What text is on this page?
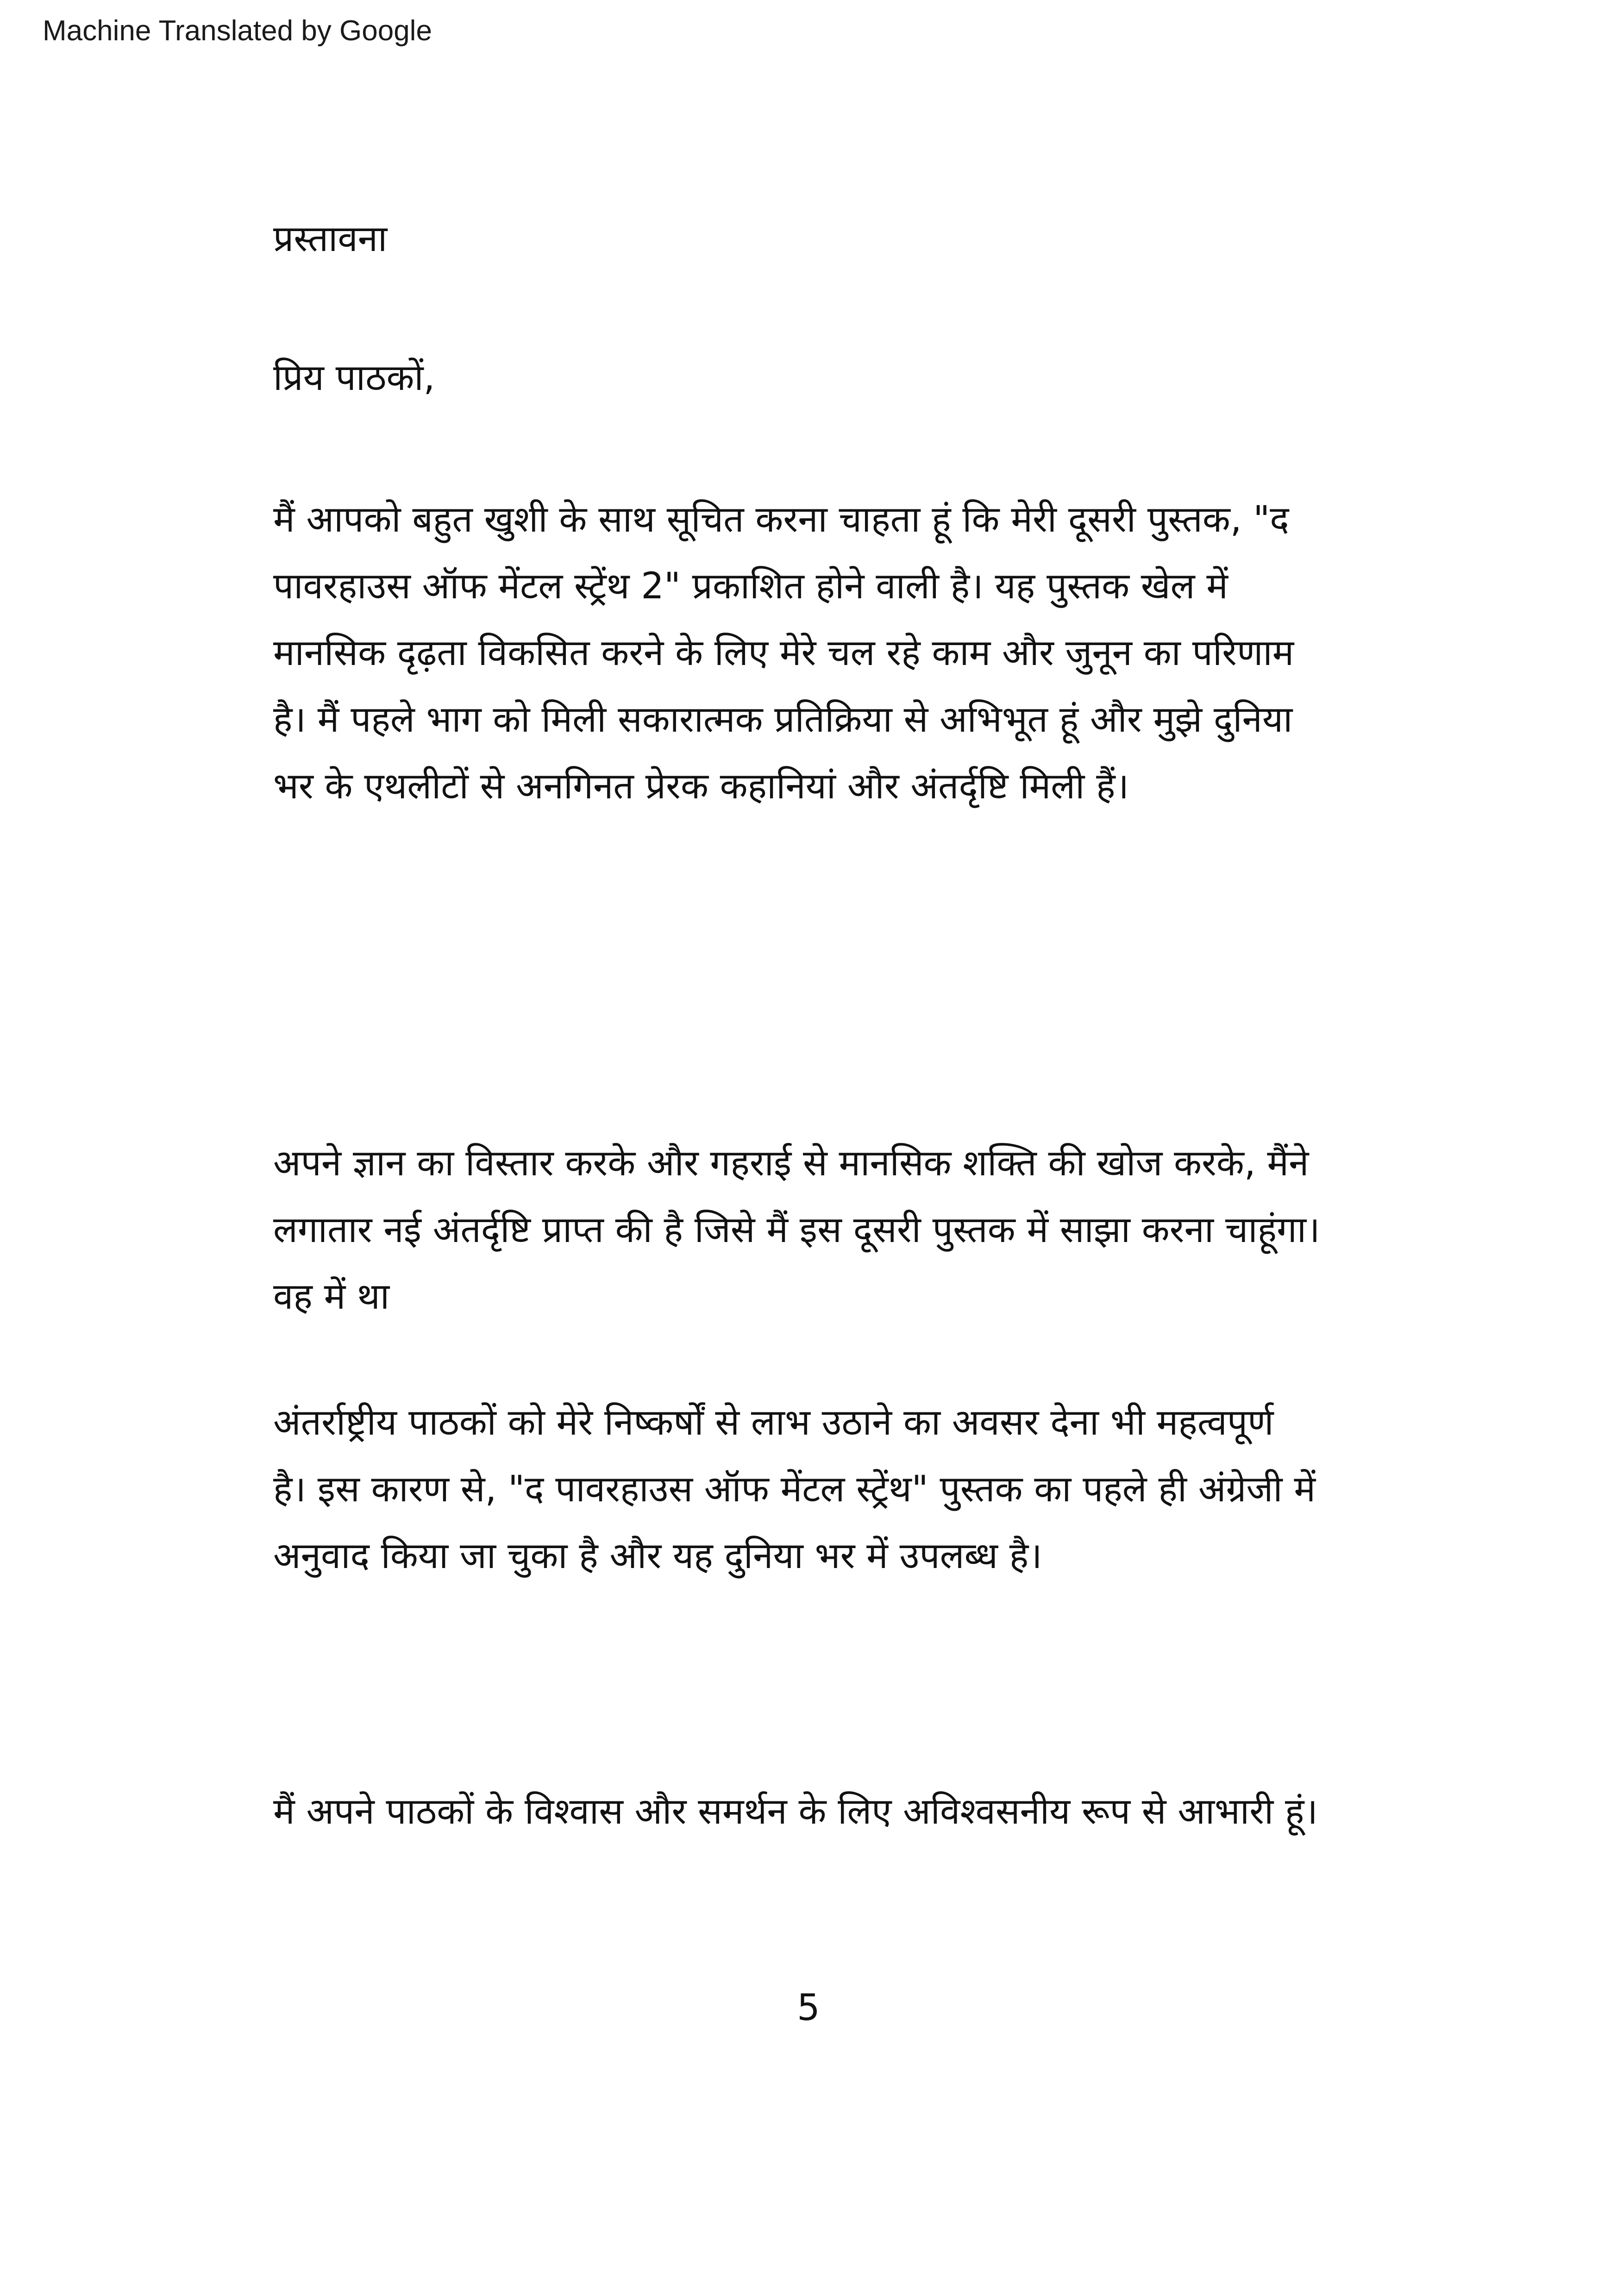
Machine Translated by Google
प्रस्तावना
प्रिय पाठकों,
मैं आपको बहुत खुशी के साथ सूचित करना चाहता हूं कि मेरी दूसरी पुस्तक, "द
पावरहाउस ऑफ मेंटल स्ट्रेंथ 2" प्रकाशित होने वाली है। यह पुस्तक खेल में
मानसिक दृढ़ता विकसित करने के लिए मेरे चल रहे काम और जुनून का परिणाम
है। मैं पहले भाग को मिली सकारात्मक प्रतिक्रिया से अभिभूत हूं और मुझे दुनिया
भर के एथलीटों से अनगिनत प्रेरक कहानियां और अंतर्दृष्टि मिली हैं।
अपने ज्ञान का विस्तार करके और गहराई से मानसिक शक्ति की खोज करके, मैंने
लगातार नई अंतर्दृष्टि प्राप्त की है जिसे मैं इस दूसरी पुस्तक में साझा करना चाहूंगा।
वह में था
अंतर्राष्ट्रीय पाठकों को मेरे निष्कर्षों से लाभ उठाने का अवसर देना भी महत्वपूर्ण
है। इस कारण से, "द पावरहाउस ऑफ मेंटल स्ट्रेंथ" पुस्तक का पहले ही अंग्रेजी में
अनुवाद किया जा चुका है और यह दुनिया भर में उपलब्ध है।
मैं अपने पाठकों के विश्वास और समर्थन के लिए अविश्वसनीय रूप से आभारी हूं।
5
